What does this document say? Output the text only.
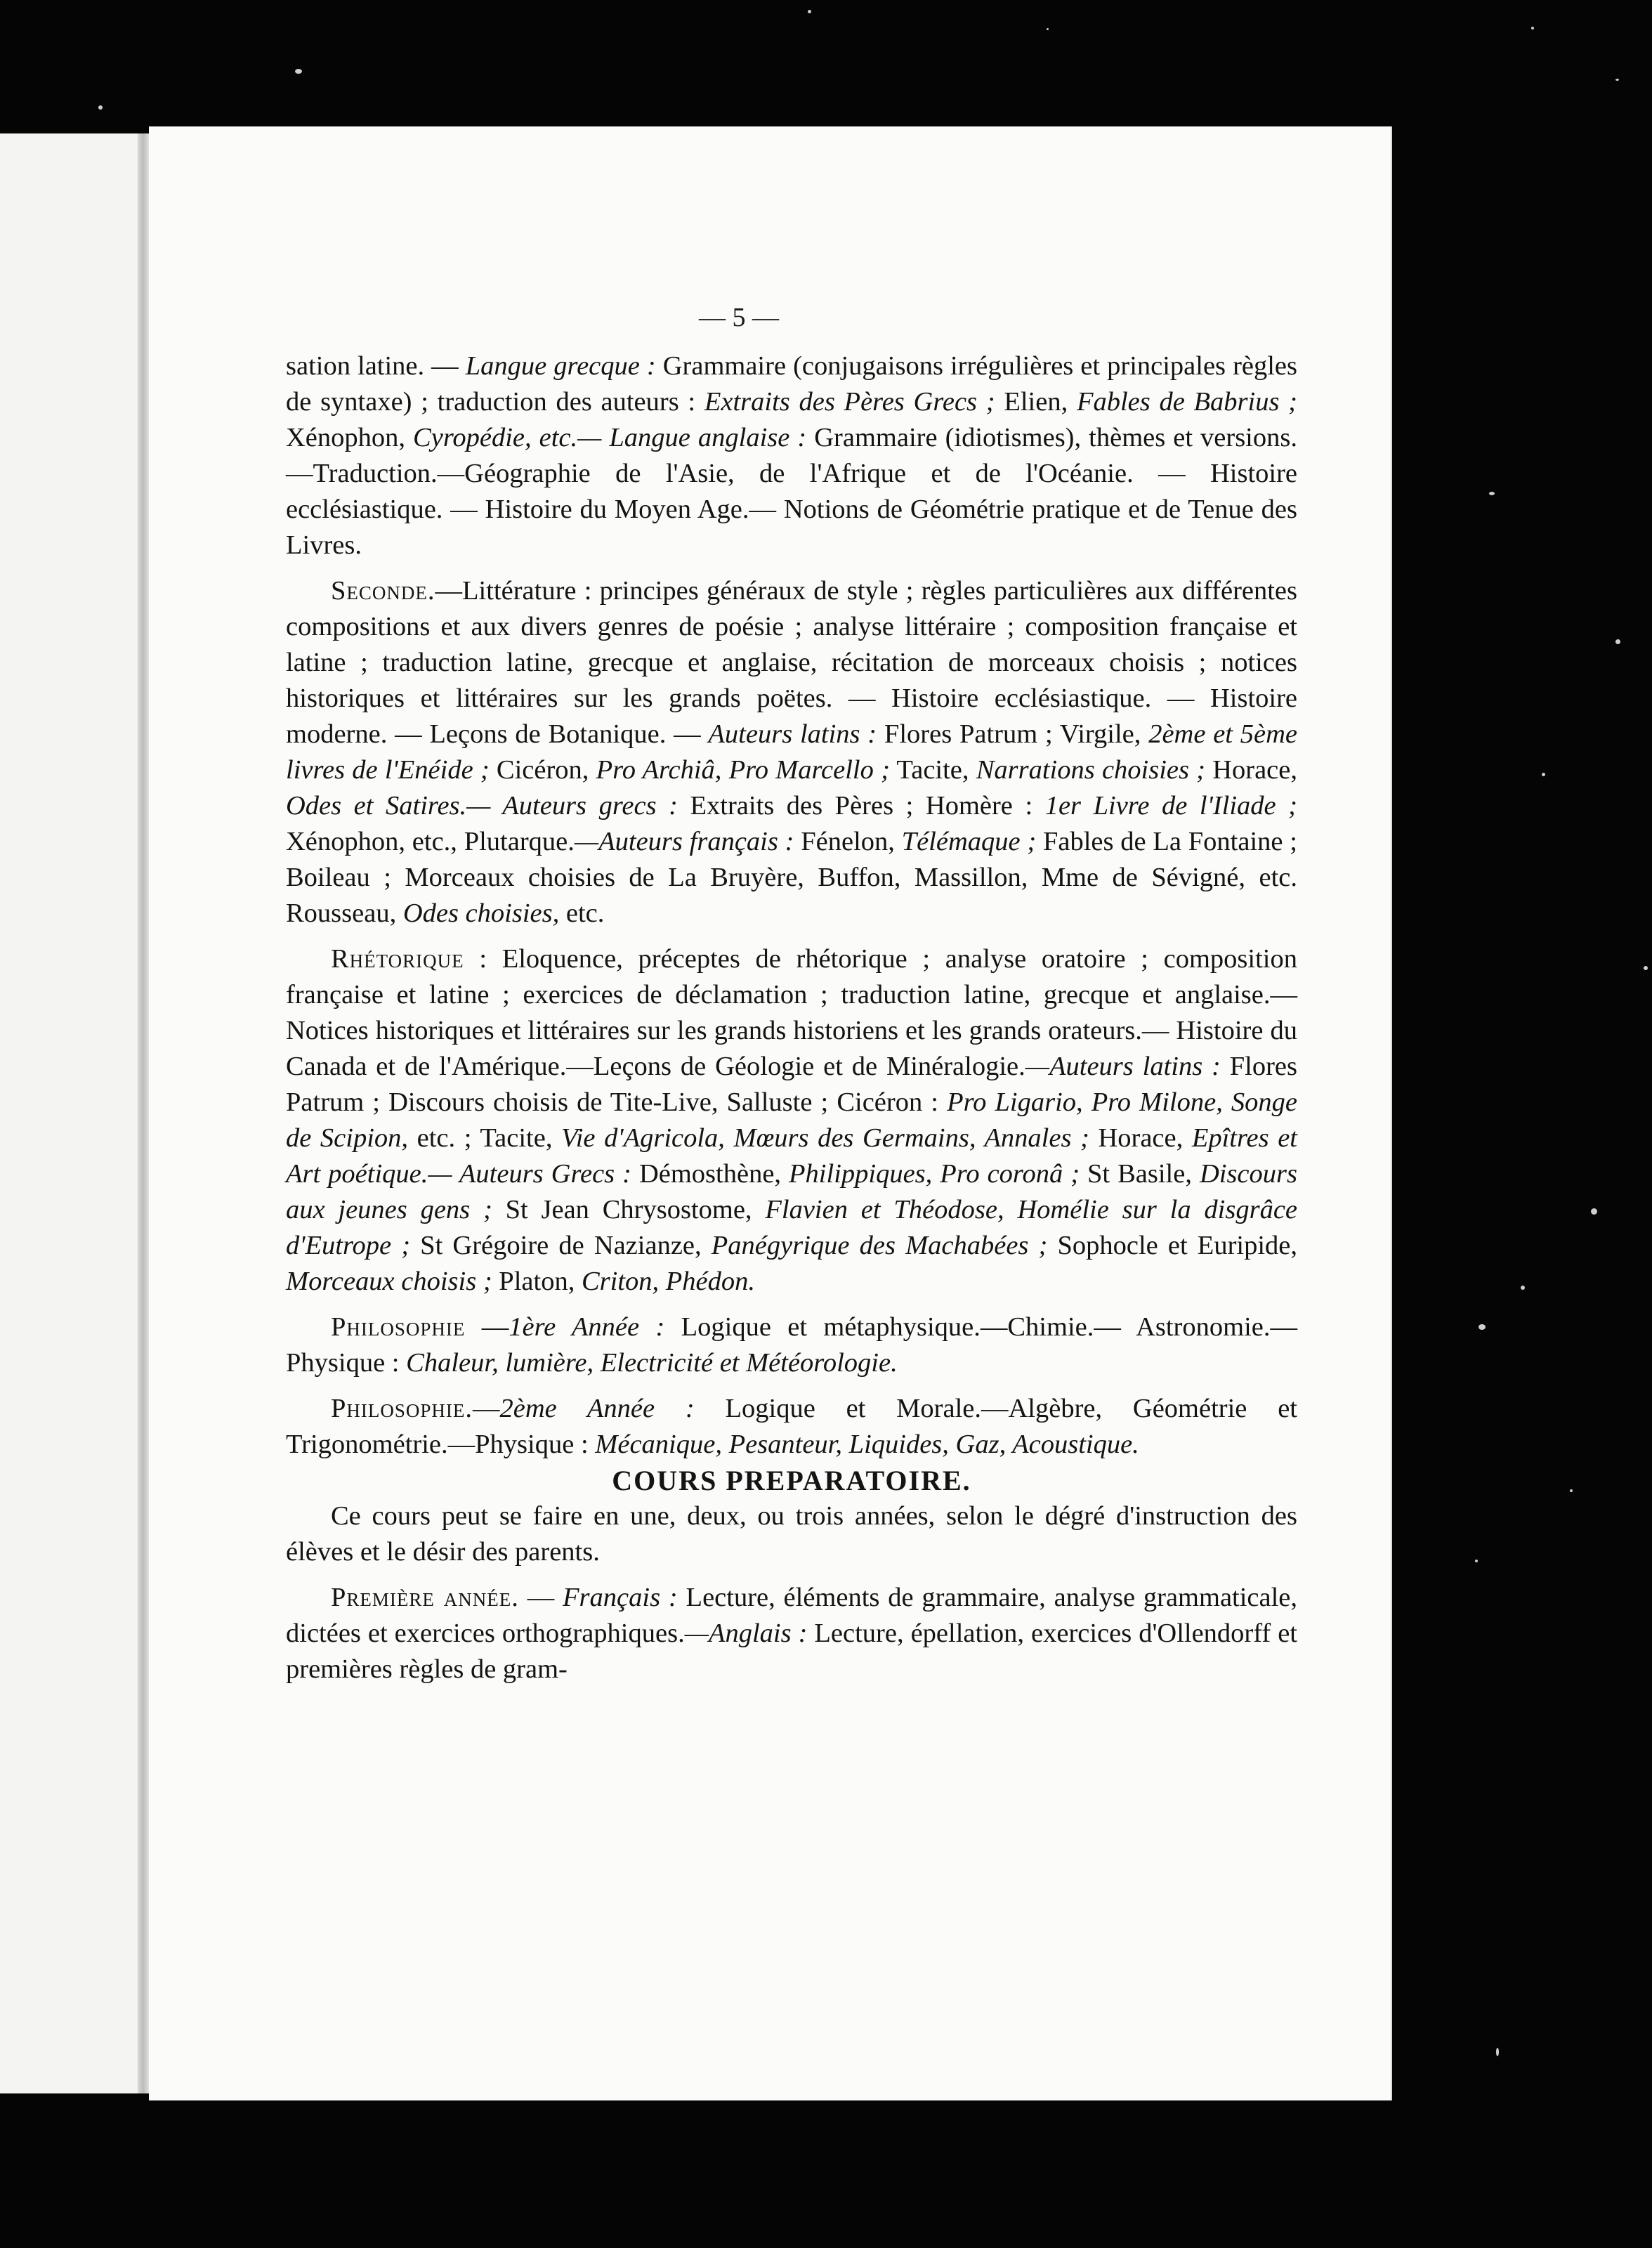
— 5 —

sation latine. — Langue grecque : Grammaire (conjugaisons irrégulières et principales règles de syntaxe) ; traduction des auteurs : Extraits des Pères Grecs ; Elien, Fables de Babrius ; Xénophon, Cyropédie, etc.— Langue anglaise : Grammaire (idiotismes), thèmes et versions.—Traduction.—Géographie de l'Asie, de l'Afrique et de l'Océanie. — Histoire ecclésiastique. — Histoire du Moyen Age.— Notions de Géométrie pratique et de Tenue des Livres.

Seconde.—Littérature : principes généraux de style ; règles particulières aux différentes compositions et aux divers genres de poésie ; analyse littéraire ; composition française et latine ; traduction latine, grecque et anglaise, récitation de morceaux choisis ; notices historiques et littéraires sur les grands poëtes. — Histoire ecclésiastique. — Histoire moderne. — Leçons de Botanique. — Auteurs latins : Flores Patrum ; Virgile, 2ème et 5ème livres de l'Enéide ; Cicéron, Pro Archiâ, Pro Marcello ; Tacite, Narrations choisies ; Horace, Odes et Satires.— Auteurs grecs : Extraits des Pères ; Homère : 1er Livre de l'Iliade ; Xénophon, etc., Plutarque.—Auteurs français : Fénelon, Télémaque ; Fables de La Fontaine ; Boileau ; Morceaux choisies de La Bruyère, Buffon, Massillon, Mme de Sévigné, etc. Rousseau, Odes choisies, etc.

Rhétorique : Eloquence, préceptes de rhétorique ; analyse oratoire ; composition française et latine ; exercices de déclamation ; traduction latine, grecque et anglaise.—Notices historiques et littéraires sur les grands historiens et les grands orateurs.— Histoire du Canada et de l'Amérique.—Leçons de Géologie et de Minéralogie.—Auteurs latins : Flores Patrum ; Discours choisis de Tite-Live, Salluste ; Cicéron : Pro Ligario, Pro Milone, Songe de Scipion, etc. ; Tacite, Vie d'Agricola, Mœurs des Germains, Annales ; Horace, Epîtres et Art poétique.— Auteurs Grecs : Démosthène, Philippiques, Pro coronâ ; St Basile, Discours aux jeunes gens ; St Jean Chrysostome, Flavien et Théodose, Homélie sur la disgrâce d'Eutrope ; St Grégoire de Nazianze, Panégyrique des Machabées ; Sophocle et Euripide, Morceaux choisis ; Platon, Criton, Phédon.

Philosophie —1ère Année : Logique et métaphysique.—Chimie.— Astronomie.—Physique : Chaleur, lumière, Electricité et Météorologie.

Philosophie.—2ème Année : Logique et Morale.—Algèbre, Géométrie et Trigonométrie.—Physique : Mécanique, Pesanteur, Liquides, Gaz, Acoustique.

COURS PREPARATOIRE.

Ce cours peut se faire en une, deux, ou trois années, selon le dégré d'instruction des élèves et le désir des parents.

Première année. — Français : Lecture, éléments de grammaire, analyse grammaticale, dictées et exercices orthographiques.—Anglais : Lecture, épellation, exercices d'Ollendorff et premières règles de gram-
